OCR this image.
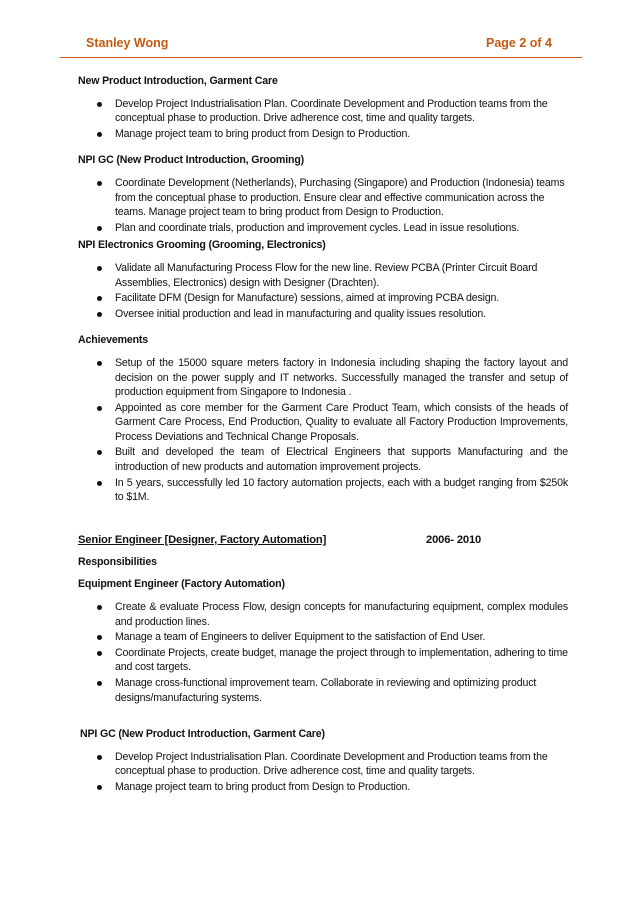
Stanley Wong	Page 2 of 4

New Product Introduction, Garment Care

Develop Project Industrialisation Plan. Coordinate Development and Production teams from the conceptual phase to production. Drive adherence cost, time and quality targets.
Manage project team to bring product from Design to Production.

NPI GC (New Product Introduction, Grooming)

Coordinate Development (Netherlands), Purchasing (Singapore) and Production (Indonesia) teams from the conceptual phase to production. Ensure clear and effective communication across the teams. Manage project team to bring product from Design to Production.
Plan and coordinate trials, production and improvement cycles. Lead in issue resolutions.

NPI Electronics Grooming (Grooming, Electronics)

Validate all Manufacturing Process Flow for the new line. Review PCBA (Printer Circuit Board Assemblies, Electronics) design with Designer (Drachten).
Facilitate DFM (Design for Manufacture) sessions, aimed at improving PCBA design.
Oversee initial production and lead in manufacturing and quality issues resolution.

Achievements

Setup of the 15000 square meters factory in Indonesia including shaping the factory layout and decision on the power supply and IT networks. Successfully managed the transfer and setup of production equipment from Singapore to Indonesia .
Appointed as core member for the Garment Care Product Team, which consists of the heads of Garment Care Process, End Production, Quality to evaluate all Factory Production Improvements, Process Deviations and Technical Change Proposals.
Built and developed the team of Electrical Engineers that supports Manufacturing and the introduction of new products and automation improvement projects.
In 5 years, successfully led 10 factory automation projects, each with a budget ranging from $250k to $1M.
Senior Engineer [Designer, Factory Automation]	2006- 2010

Responsibilities

Equipment Engineer (Factory Automation)

Create & evaluate Process Flow, design concepts for manufacturing equipment, complex modules and production lines.
Manage a team of Engineers to deliver Equipment to the satisfaction of End User.
Coordinate Projects, create budget, manage the project through to implementation, adhering to time and cost targets.
Manage cross-functional improvement team. Collaborate in reviewing and optimizing product designs/manufacturing systems.

NPI GC (New Product Introduction, Garment Care)

Develop Project Industrialisation Plan. Coordinate Development and Production teams from the conceptual phase to production. Drive adherence cost, time and quality targets.
Manage project team to bring product from Design to Production.
